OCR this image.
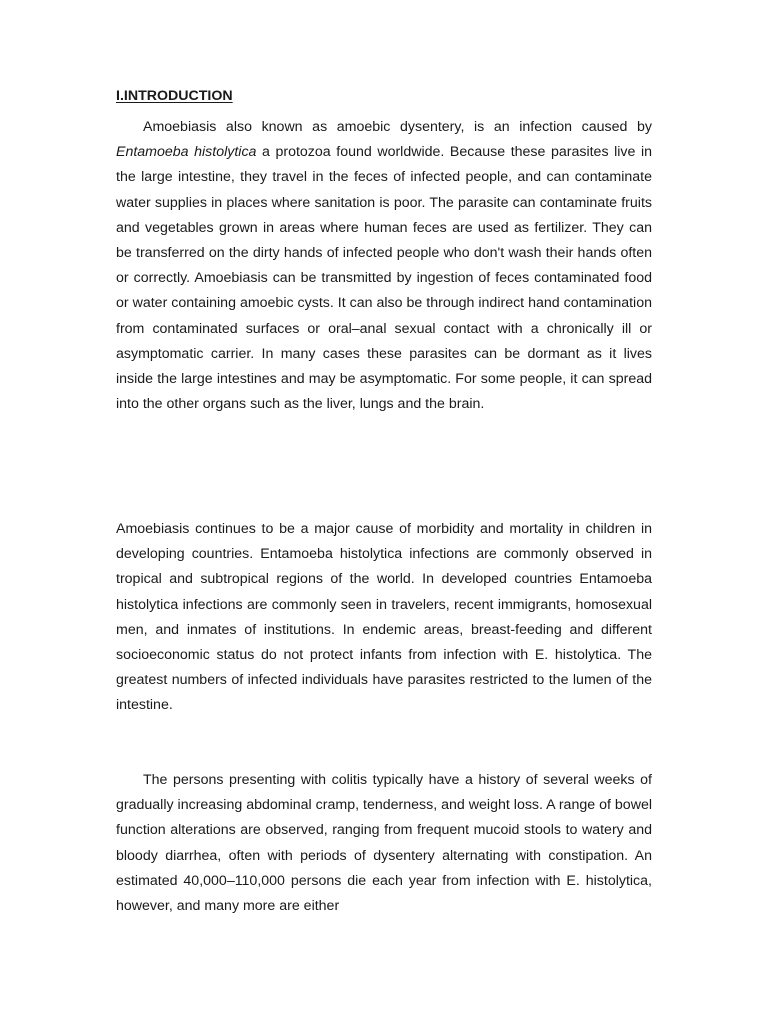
I.INTRODUCTION

Amoebiasis also known as amoebic dysentery, is an infection caused by Entamoeba histolytica a protozoa found worldwide. Because these parasites live in the large intestine, they travel in the feces of infected people, and can contaminate water supplies in places where sanitation is poor. The parasite can contaminate fruits and vegetables grown in areas where human feces are used as fertilizer. They can be transferred on the dirty hands of infected people who don't wash their hands often or correctly. Amoebiasis can be transmitted by ingestion of feces contaminated food or water containing amoebic cysts. It can also be through indirect hand contamination from contaminated surfaces or oral–anal sexual contact with a chronically ill or asymptomatic carrier. In many cases these parasites can be dormant as it lives inside the large intestines and may be asymptomatic. For some people, it can spread into the other organs such as the liver, lungs and the brain.

Amoebiasis continues to be a major cause of morbidity and mortality in children in developing countries. Entamoeba histolytica infections are commonly observed in tropical and subtropical regions of the world. In developed countries Entamoeba histolytica infections are commonly seen in travelers, recent immigrants, homosexual men, and inmates of institutions. In endemic areas, breast-feeding and different socioeconomic status do not protect infants from infection with E. histolytica. The greatest numbers of infected individuals have parasites restricted to the lumen of the intestine.

The persons presenting with colitis typically have a history of several weeks of gradually increasing abdominal cramp, tenderness, and weight loss. A range of bowel function alterations are observed, ranging from frequent mucoid stools to watery and bloody diarrhea, often with periods of dysentery alternating with constipation. An estimated 40,000–110,000 persons die each year from infection with E. histolytica, however, and many more are either
